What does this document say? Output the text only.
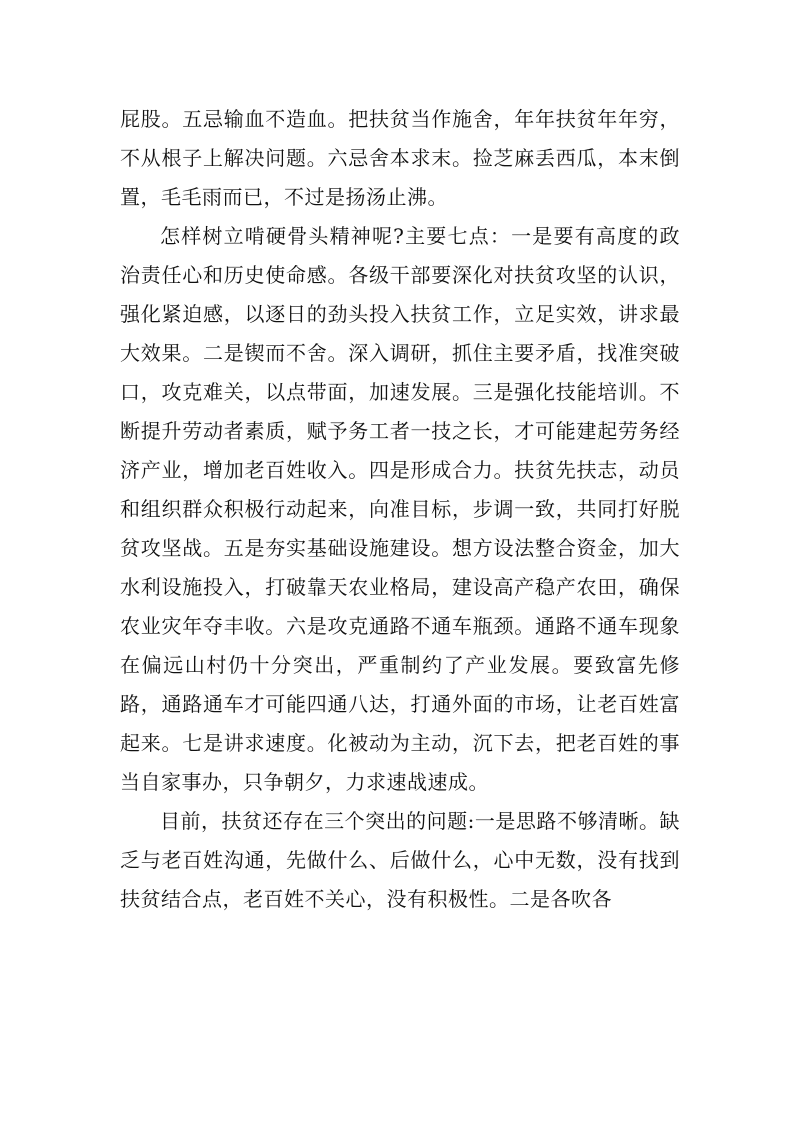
屁股。五忌输血不造血。把扶贫当作施舍，年年扶贫年年穷，不从根子上解决问题。六忌舍本求末。捡芝麻丢西瓜，本末倒置，毛毛雨而已，不过是扬汤止沸。

怎样树立啃硬骨头精神呢?主要七点：一是要有高度的政治责任心和历史使命感。各级干部要深化对扶贫攻坚的认识，强化紧迫感，以逐日的劲头投入扶贫工作，立足实效，讲求最大效果。二是锲而不舍。深入调研，抓住主要矛盾，找准突破口，攻克难关，以点带面，加速发展。三是强化技能培训。不断提升劳动者素质，赋予务工者一技之长，才可能建起劳务经济产业，增加老百姓收入。四是形成合力。扶贫先扶志，动员和组织群众积极行动起来，向准目标，步调一致，共同打好脱贫攻坚战。五是夯实基础设施建设。想方设法整合资金，加大水利设施投入，打破靠天农业格局，建设高产稳产农田，确保农业灾年夺丰收。六是攻克通路不通车瓶颈。通路不通车现象在偏远山村仍十分突出，严重制约了产业发展。要致富先修路，通路通车才可能四通八达，打通外面的市场，让老百姓富起来。七是讲求速度。化被动为主动，沉下去，把老百姓的事当自家事办，只争朝夕，力求速战速成。

目前，扶贫还存在三个突出的问题:一是思路不够清晰。缺乏与老百姓沟通，先做什么、后做什么，心中无数，没有找到扶贫结合点，老百姓不关心，没有积极性。二是各吹各
